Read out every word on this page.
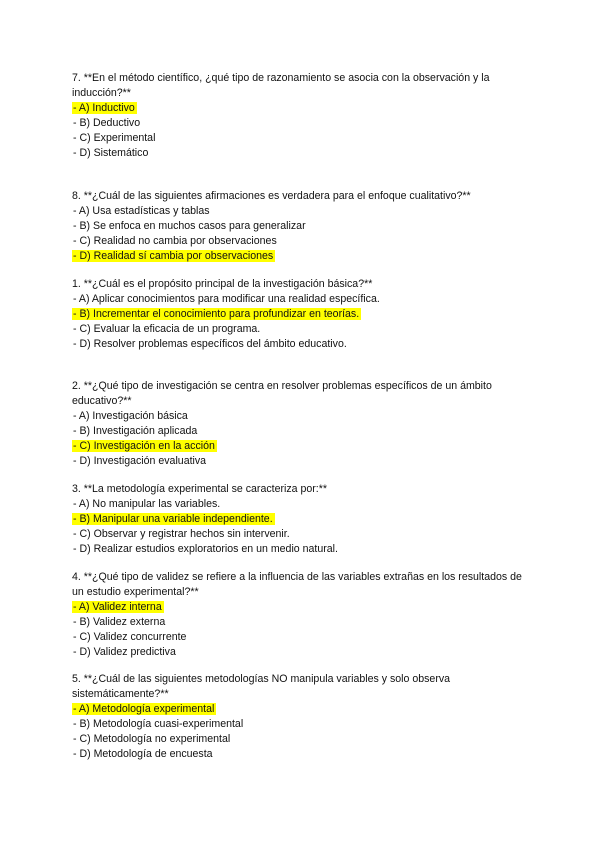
7. **En el método científico, ¿qué tipo de razonamiento se asocia con la observación y la inducción?**

- A) Inductivo
- B) Deductivo
- C) Experimental
- D) Sistemático

8. **¿Cuál de las siguientes afirmaciones es verdadera para el enfoque cualitativo?**

- A) Usa estadísticas y tablas
- B) Se enfoca en muchos casos para generalizar
- C) Realidad no cambia por observaciones
- D) Realidad sí cambia por observaciones

1. **¿Cuál es el propósito principal de la investigación básica?**

- A) Aplicar conocimientos para modificar una realidad específica.
- B) Incrementar el conocimiento para profundizar en teorías.
- C) Evaluar la eficacia de un programa.
- D) Resolver problemas específicos del ámbito educativo.

2. **¿Qué tipo de investigación se centra en resolver problemas específicos de un ámbito educativo?**

- A) Investigación básica
- B) Investigación aplicada
- C) Investigación en la acción
- D) Investigación evaluativa

3. **La metodología experimental se caracteriza por:**

- A) No manipular las variables.
- B) Manipular una variable independiente.
- C) Observar y registrar hechos sin intervenir.
- D) Realizar estudios exploratorios en un medio natural.

4. **¿Qué tipo de validez se refiere a la influencia de las variables extrañas en los resultados de un estudio experimental?**

- A) Validez interna
- B) Validez externa
- C) Validez concurrente
- D) Validez predictiva

5. **¿Cuál de las siguientes metodologías NO manipula variables y solo observa sistemáticamente?**

- A) Metodología experimental
- B) Metodología cuasi-experimental
- C) Metodología no experimental
- D) Metodología de encuesta
